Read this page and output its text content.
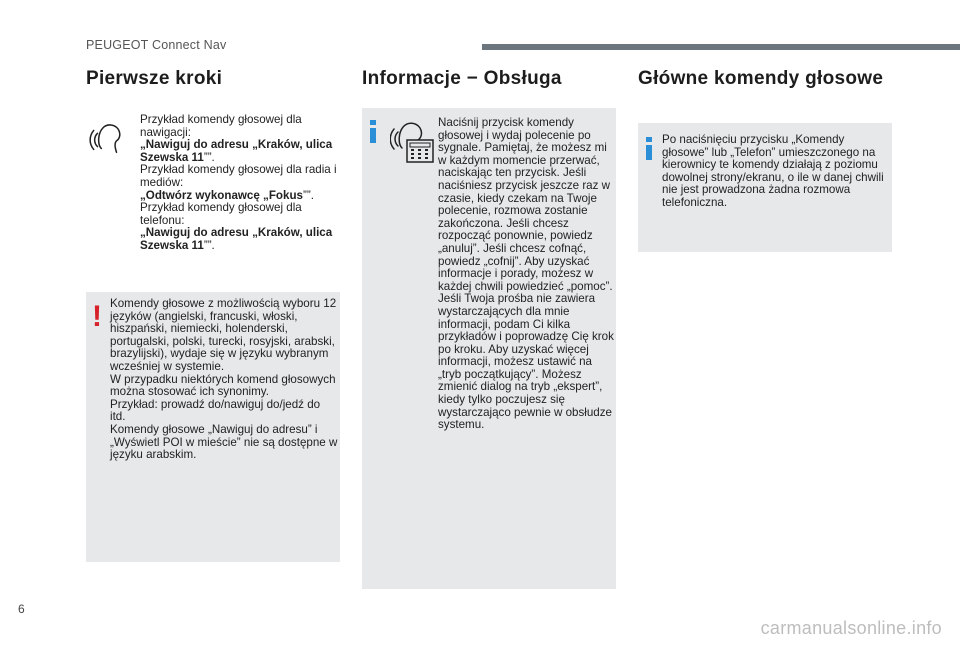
PEUGEOT Connect Nav
Pierwsze kroki

Przykład komendy głosowej dla nawigacji:

„Nawiguj do adresu „Kraków, ulica Szewska 11””.

Przykład komendy głosowej dla radia i mediów:

„Odtwórz wykonawcę „Fokus””.

Przykład komendy głosowej dla telefonu:

„Nawiguj do adresu „Kraków, ulica Szewska 11””.

! Komendy głosowe z możliwością wyboru 12 języków (angielski, francuski, włoski, hiszpański, niemiecki, holenderski, portugalski, polski, turecki, rosyjski, arabski, brazylijski), wydaje się w języku wybranym wcześniej w systemie.
W przypadku niektórych komend głosowych można stosować ich synonimy.
Przykład: prowadź do/nawiguj do/jedź do itd.
Komendy głosowe „Nawiguj do adresu” i „Wyświetl POI w mieście” nie są dostępne w języku arabskim.
Informacje − Obsługa
Naciśnij przycisk komendy głosowej i wydaj polecenie po sygnale. Pamiętaj, że możesz mi w każdym momencie przerwać, naciskając ten przycisk. Jeśli naciśniesz przycisk jeszcze raz w czasie, kiedy czekam na Twoje polecenie, rozmowa zostanie zakończona. Jeśli chcesz rozpocząć ponownie, powiedz „anuluj”. Jeśli chcesz cofnąć, powiedz „cofnij”. Aby uzyskać informacje i porady, możesz w każdej chwili powiedzieć „pomoc”. Jeśli Twoja prośba nie zawiera wystarczających dla mnie informacji, podam Ci kilka przykładów i poprowadzę Cię krok po kroku. Aby uzyskać więcej informacji, możesz ustawić na „tryb początkujący”. Możesz zmienić dialog na tryb „ekspert”, kiedy tylko poczujesz się wystarczająco pewnie w obsłudze systemu.
Główne komendy głosowe
Po naciśnięciu przycisku „Komendy głosowe” lub „Telefon” umieszczonego na kierownicy te komendy działają z poziomu dowolnej strony/ekranu, o ile w danej chwili nie jest prowadzona żadna rozmowa telefoniczna.
6
carmanualsonline.info
